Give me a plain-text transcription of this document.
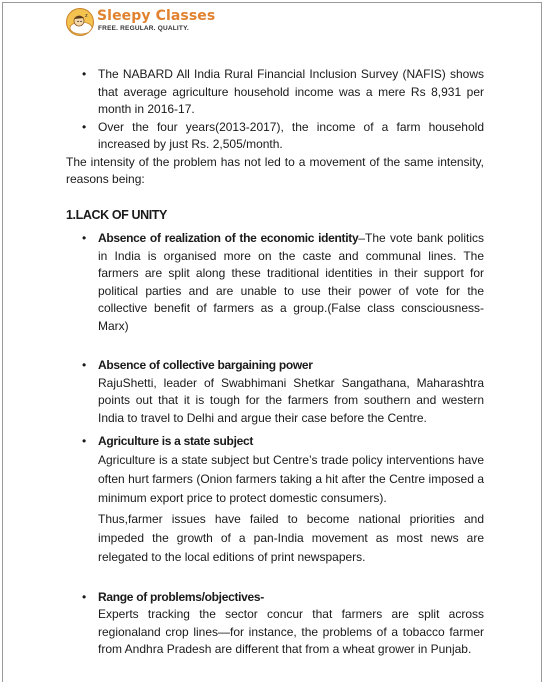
z Sleepy Classes
FREE. REGULAR. QUALITY.
• The NABARD All India Rural Financial Inclusion Survey (NAFIS) shows that average agriculture household income was a mere Rs 8,931 per month in 2016-17.
• Over the four years(2013-2017), the income of a farm household increased by just Rs. 2,505/month.

The intensity of the problem has not led to a movement of the same intensity, reasons being:

1.LACK OF UNITY
• Absence of realization of the economic identity–The vote bank politics in India is organised more on the caste and communal lines. The farmers are split along these traditional identities in their support for political parties and are unable to use their power of vote for the collective benefit of farmers as a group.(False class consciousness-Marx)
• Absence of collective bargaining power
RajuShetti, leader of Swabhimani Shetkar Sangathana, Maharashtra points out that it is tough for the farmers from southern and western India to travel to Delhi and argue their case before the Centre.
• Agriculture is a state subject
Agriculture is a state subject but Centre’s trade policy interventions have often hurt farmers (Onion farmers taking a hit after the Centre imposed a minimum export price to protect domestic consumers).
Thus,farmer issues have failed to become national priorities and impeded the growth of a pan-India movement as most news are relegated to the local editions of print newspapers.
• Range of problems/objectives-
Experts tracking the sector concur that farmers are split across regionaland crop lines—for instance, the problems of a tobacco farmer from Andhra Pradesh are different that from a wheat grower in Punjab.
